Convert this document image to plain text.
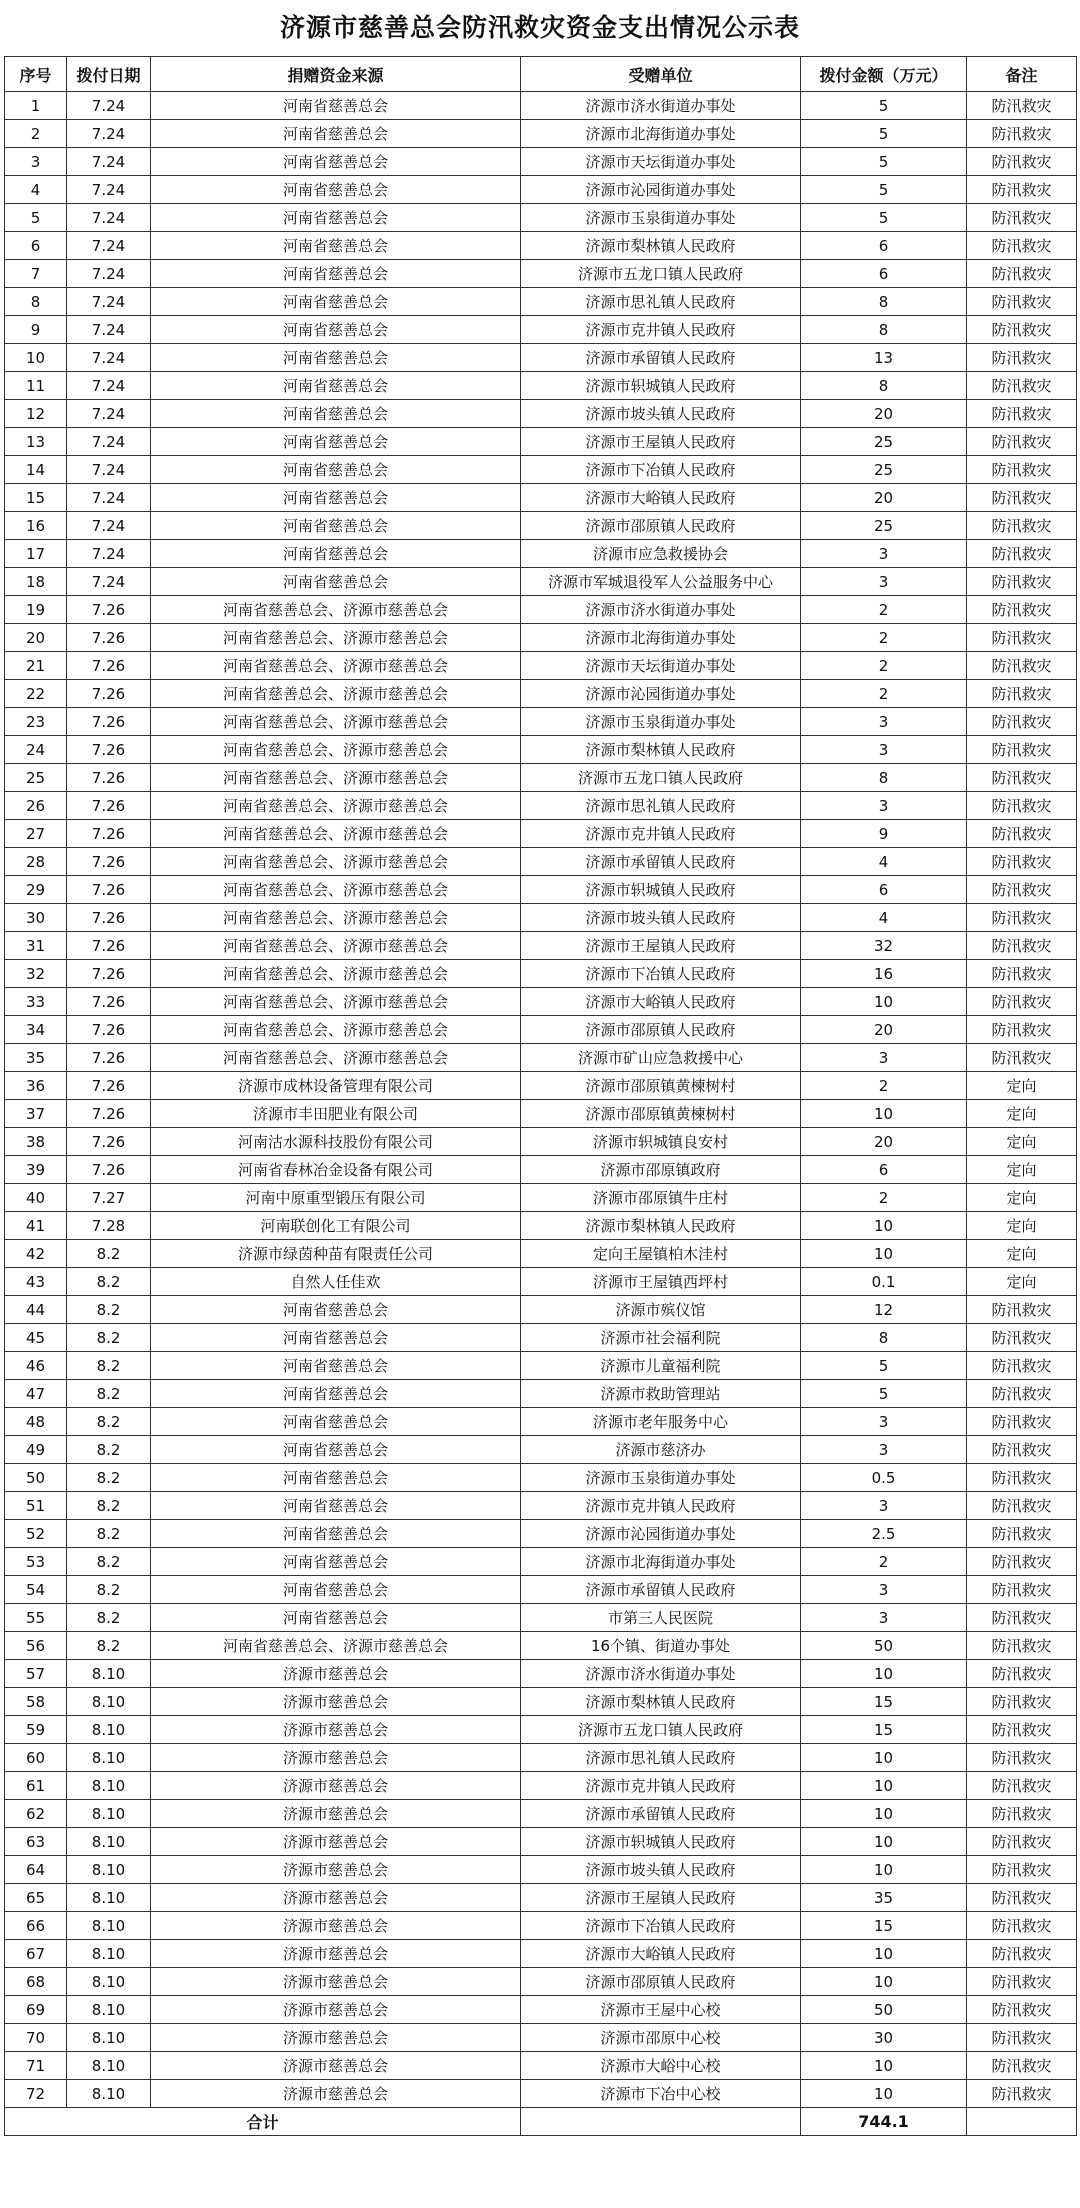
济源市慈善总会防汛救灾资金支出情况公示表
序号	拨付日期	捐赠资金来源	受赠单位	拨付金额（万元）	备注
1	7.24	河南省慈善总会	济源市济水街道办事处	5	防汛救灾
2	7.24	河南省慈善总会	济源市北海街道办事处	5	防汛救灾
3	7.24	河南省慈善总会	济源市天坛街道办事处	5	防汛救灾
4	7.24	河南省慈善总会	济源市沁园街道办事处	5	防汛救灾
5	7.24	河南省慈善总会	济源市玉泉街道办事处	5	防汛救灾
6	7.24	河南省慈善总会	济源市梨林镇人民政府	6	防汛救灾
7	7.24	河南省慈善总会	济源市五龙口镇人民政府	6	防汛救灾
8	7.24	河南省慈善总会	济源市思礼镇人民政府	8	防汛救灾
9	7.24	河南省慈善总会	济源市克井镇人民政府	8	防汛救灾
10	7.24	河南省慈善总会	济源市承留镇人民政府	13	防汛救灾
11	7.24	河南省慈善总会	济源市轵城镇人民政府	8	防汛救灾
12	7.24	河南省慈善总会	济源市坡头镇人民政府	20	防汛救灾
13	7.24	河南省慈善总会	济源市王屋镇人民政府	25	防汛救灾
14	7.24	河南省慈善总会	济源市下冶镇人民政府	25	防汛救灾
15	7.24	河南省慈善总会	济源市大峪镇人民政府	20	防汛救灾
16	7.24	河南省慈善总会	济源市邵原镇人民政府	25	防汛救灾
17	7.24	河南省慈善总会	济源市应急救援协会	3	防汛救灾
18	7.24	河南省慈善总会	济源市军城退役军人公益服务中心	3	防汛救灾
19	7.26	河南省慈善总会、济源市慈善总会	济源市济水街道办事处	2	防汛救灾
20	7.26	河南省慈善总会、济源市慈善总会	济源市北海街道办事处	2	防汛救灾
21	7.26	河南省慈善总会、济源市慈善总会	济源市天坛街道办事处	2	防汛救灾
22	7.26	河南省慈善总会、济源市慈善总会	济源市沁园街道办事处	2	防汛救灾
23	7.26	河南省慈善总会、济源市慈善总会	济源市玉泉街道办事处	3	防汛救灾
24	7.26	河南省慈善总会、济源市慈善总会	济源市梨林镇人民政府	3	防汛救灾
25	7.26	河南省慈善总会、济源市慈善总会	济源市五龙口镇人民政府	8	防汛救灾
26	7.26	河南省慈善总会、济源市慈善总会	济源市思礼镇人民政府	3	防汛救灾
27	7.26	河南省慈善总会、济源市慈善总会	济源市克井镇人民政府	9	防汛救灾
28	7.26	河南省慈善总会、济源市慈善总会	济源市承留镇人民政府	4	防汛救灾
29	7.26	河南省慈善总会、济源市慈善总会	济源市轵城镇人民政府	6	防汛救灾
30	7.26	河南省慈善总会、济源市慈善总会	济源市坡头镇人民政府	4	防汛救灾
31	7.26	河南省慈善总会、济源市慈善总会	济源市王屋镇人民政府	32	防汛救灾
32	7.26	河南省慈善总会、济源市慈善总会	济源市下冶镇人民政府	16	防汛救灾
33	7.26	河南省慈善总会、济源市慈善总会	济源市大峪镇人民政府	10	防汛救灾
34	7.26	河南省慈善总会、济源市慈善总会	济源市邵原镇人民政府	20	防汛救灾
35	7.26	河南省慈善总会、济源市慈善总会	济源市矿山应急救援中心	3	防汛救灾
36	7.26	济源市成林设备管理有限公司	济源市邵原镇黄楝树村	2	定向
37	7.26	济源市丰田肥业有限公司	济源市邵原镇黄楝树村	10	定向
38	7.26	河南沽水源科技股份有限公司	济源市轵城镇良安村	20	定向
39	7.26	河南省春林冶金设备有限公司	济源市邵原镇政府	6	定向
40	7.27	河南中原重型锻压有限公司	济源市邵原镇牛庄村	2	定向
41	7.28	河南联创化工有限公司	济源市梨林镇人民政府	10	定向
42	8.2	济源市绿茵种苗有限责任公司	定向王屋镇柏木洼村	10	定向
43	8.2	自然人任佳欢	济源市王屋镇西坪村	0.1	定向
44	8.2	河南省慈善总会	济源市殡仪馆	12	防汛救灾
45	8.2	河南省慈善总会	济源市社会福利院	8	防汛救灾
46	8.2	河南省慈善总会	济源市儿童福利院	5	防汛救灾
47	8.2	河南省慈善总会	济源市救助管理站	5	防汛救灾
48	8.2	河南省慈善总会	济源市老年服务中心	3	防汛救灾
49	8.2	河南省慈善总会	济源市慈济办	3	防汛救灾
50	8.2	河南省慈善总会	济源市玉泉街道办事处	0.5	防汛救灾
51	8.2	河南省慈善总会	济源市克井镇人民政府	3	防汛救灾
52	8.2	河南省慈善总会	济源市沁园街道办事处	2.5	防汛救灾
53	8.2	河南省慈善总会	济源市北海街道办事处	2	防汛救灾
54	8.2	河南省慈善总会	济源市承留镇人民政府	3	防汛救灾
55	8.2	河南省慈善总会	市第三人民医院	3	防汛救灾
56	8.2	河南省慈善总会、济源市慈善总会	16个镇、街道办事处	50	防汛救灾
57	8.10	济源市慈善总会	济源市济水街道办事处	10	防汛救灾
58	8.10	济源市慈善总会	济源市梨林镇人民政府	15	防汛救灾
59	8.10	济源市慈善总会	济源市五龙口镇人民政府	15	防汛救灾
60	8.10	济源市慈善总会	济源市思礼镇人民政府	10	防汛救灾
61	8.10	济源市慈善总会	济源市克井镇人民政府	10	防汛救灾
62	8.10	济源市慈善总会	济源市承留镇人民政府	10	防汛救灾
63	8.10	济源市慈善总会	济源市轵城镇人民政府	10	防汛救灾
64	8.10	济源市慈善总会	济源市坡头镇人民政府	10	防汛救灾
65	8.10	济源市慈善总会	济源市王屋镇人民政府	35	防汛救灾
66	8.10	济源市慈善总会	济源市下冶镇人民政府	15	防汛救灾
67	8.10	济源市慈善总会	济源市大峪镇人民政府	10	防汛救灾
68	8.10	济源市慈善总会	济源市邵原镇人民政府	10	防汛救灾
69	8.10	济源市慈善总会	济源市王屋中心校	50	防汛救灾
70	8.10	济源市慈善总会	济源市邵原中心校	30	防汛救灾
71	8.10	济源市慈善总会	济源市大峪中心校	10	防汛救灾
72	8.10	济源市慈善总会	济源市下冶中心校	10	防汛救灾
合计				744.1	
